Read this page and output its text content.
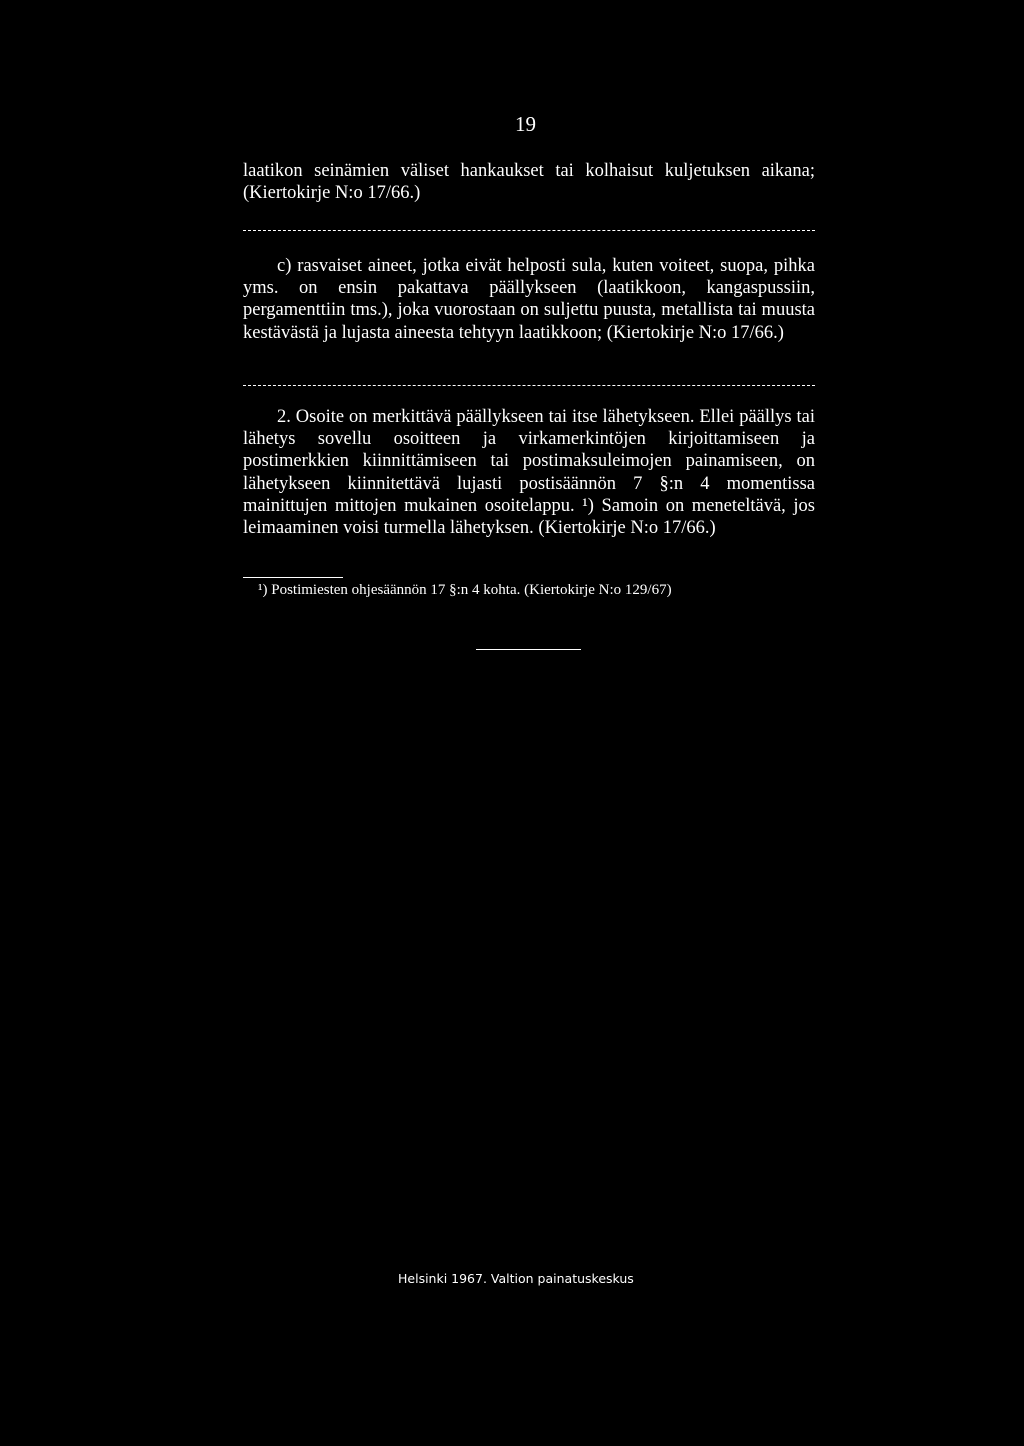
19

laatikon seinämien väliset hankaukset tai kolhaisut kuljetuksen aikana; (Kiertokirje N:o 17/66.)

c) rasvaiset aineet, jotka eivät helposti sula, kuten voiteet, suopa, pihka yms. on ensin pakattava päällykseen (laatikkoon, kangaspussiin, pergamenttiin tms.), joka vuorostaan on suljettu puusta, metallista tai muusta kestävästä ja lujasta aineesta tehtyyn laatikkoon; (Kiertokirje N:o 17/66.)

2. Osoite on merkittävä päällykseen tai itse lähetykseen. Ellei päällys tai lähetys sovellu osoitteen ja virkamerkintöjen kirjoittamiseen ja postimerkkien kiinnittämiseen tai postimaksuleimojen painamiseen, on lähetykseen kiinnitettävä lujasti postisäännön 7 §:n 4 momentissa mainittujen mittojen mukainen osoitelappu. ¹) Samoin on meneteltävä, jos leimaaminen voisi turmella lähetyksen. (Kiertokirje N:o 17/66.)

¹) Postimiesten ohjesäännön 17 §:n 4 kohta. (Kiertokirje N:o 129/67)
Helsinki 1967. Valtion painatuskeskus
